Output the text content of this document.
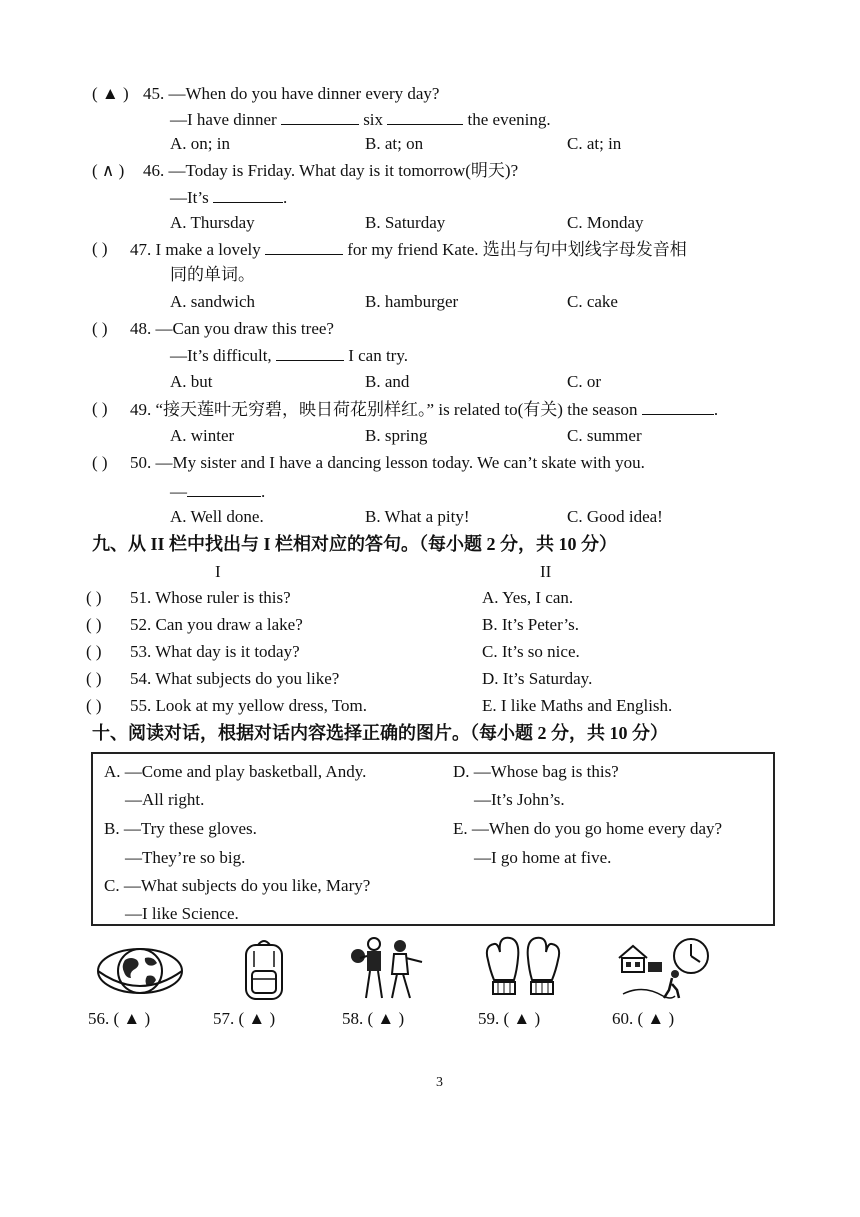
( ▲ ) 45. —When do you have dinner every day?
—I have dinner	six	the evening.
A. on; in	B. at; on	C. at; in
( ∧ ) 46. —Today is Friday. What day is it tomorrow(明天)?
—It’s	.
A. Thursday	B. Saturday	C. Monday
( ) 47. I make a lovely	for my friend Kate. 选出与句中划线字母发音相
同的单词。
A. sandwich	B. hamburger	C. cake
( ) 48. —Can you draw this tree?
—It’s difficult,	I can try.
A. but	B. and	C. or
( ) 49. “接天莲叶无穷碧，映日荷花别样红。” is related to(有关) the season	.
A. winter	B. spring	C. summer
( ) 50. —My sister and I have a dancing lesson today. We can’t skate with you.
—	.
A. Well done.	B. What a pity!	C. Good idea!
九、从 II 栏中找出与 I 栏相对应的答句。（每小题 2 分，共 10 分）
I	II
( ) 51. Whose ruler is this?	A. Yes, I can.
( ) 52. Can you draw a lake?	B. It’s Peter’s.
( ) 53. What day is it today?	C. It’s so nice.
( ) 54. What subjects do you like?	D. It’s Saturday.
( ) 55. Look at my yellow dress, Tom.	E. I like Maths and English.
十、阅读对话，根据对话内容选择正确的图片。（每小题 2 分，共 10 分）
A. —Come and play basketball, Andy.
—All right.
B. —Try these gloves.
—They’re so big.
C. —What subjects do you like, Mary?
—I like Science.
D. —Whose bag is this?
—It’s John’s.
E. —When do you go home every day?
—I go home at five.
56. ( ▲ )	57. ( ▲ )	58. ( ▲ )	59. ( ▲ )	60. ( ▲ )
3
